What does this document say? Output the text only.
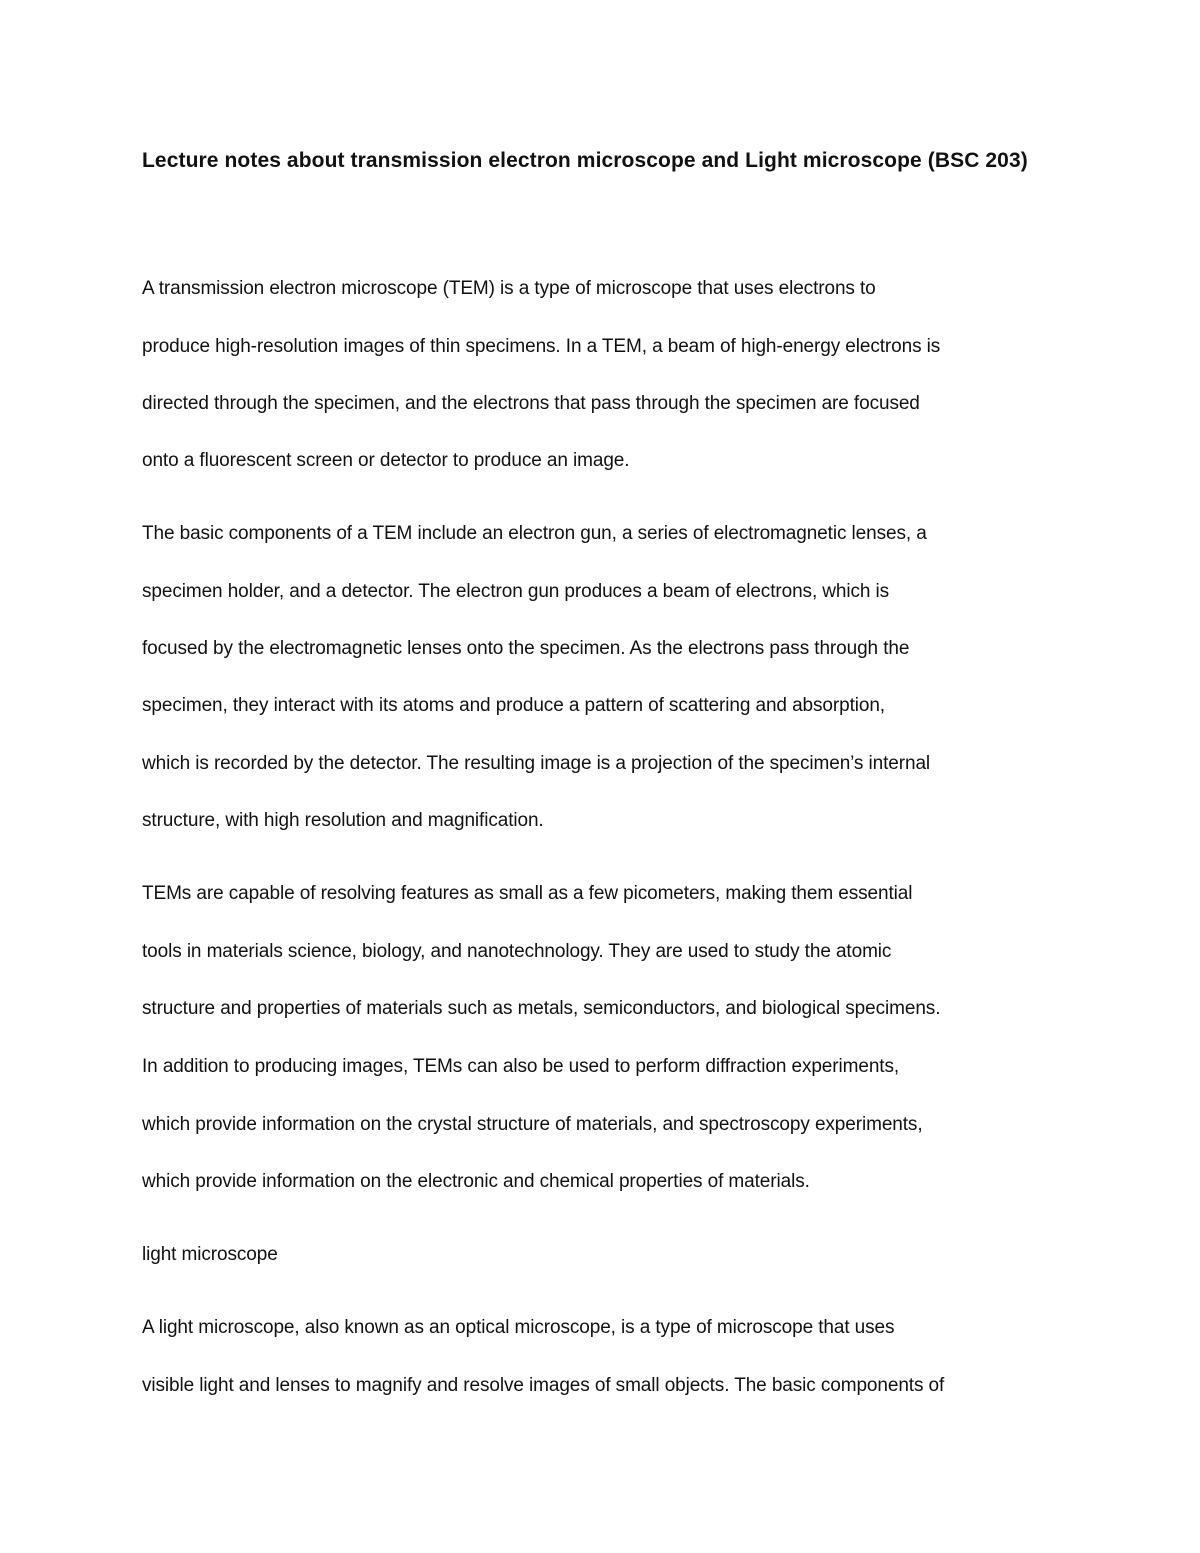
Lecture notes about transmission electron microscope and Light microscope (BSC 203)

A transmission electron microscope (TEM) is a type of microscope that uses electrons to

produce high-resolution images of thin specimens. In a TEM, a beam of high-energy electrons is

directed through the specimen, and the electrons that pass through the specimen are focused

onto a fluorescent screen or detector to produce an image.

The basic components of a TEM include an electron gun, a series of electromagnetic lenses, a

specimen holder, and a detector. The electron gun produces a beam of electrons, which is

focused by the electromagnetic lenses onto the specimen. As the electrons pass through the

specimen, they interact with its atoms and produce a pattern of scattering and absorption,

which is recorded by the detector. The resulting image is a projection of the specimen’s internal

structure, with high resolution and magnification.

TEMs are capable of resolving features as small as a few picometers, making them essential

tools in materials science, biology, and nanotechnology. They are used to study the atomic

structure and properties of materials such as metals, semiconductors, and biological specimens.

In addition to producing images, TEMs can also be used to perform diffraction experiments,

which provide information on the crystal structure of materials, and spectroscopy experiments,

which provide information on the electronic and chemical properties of materials.

light microscope

A light microscope, also known as an optical microscope, is a type of microscope that uses

visible light and lenses to magnify and resolve images of small objects. The basic components of
